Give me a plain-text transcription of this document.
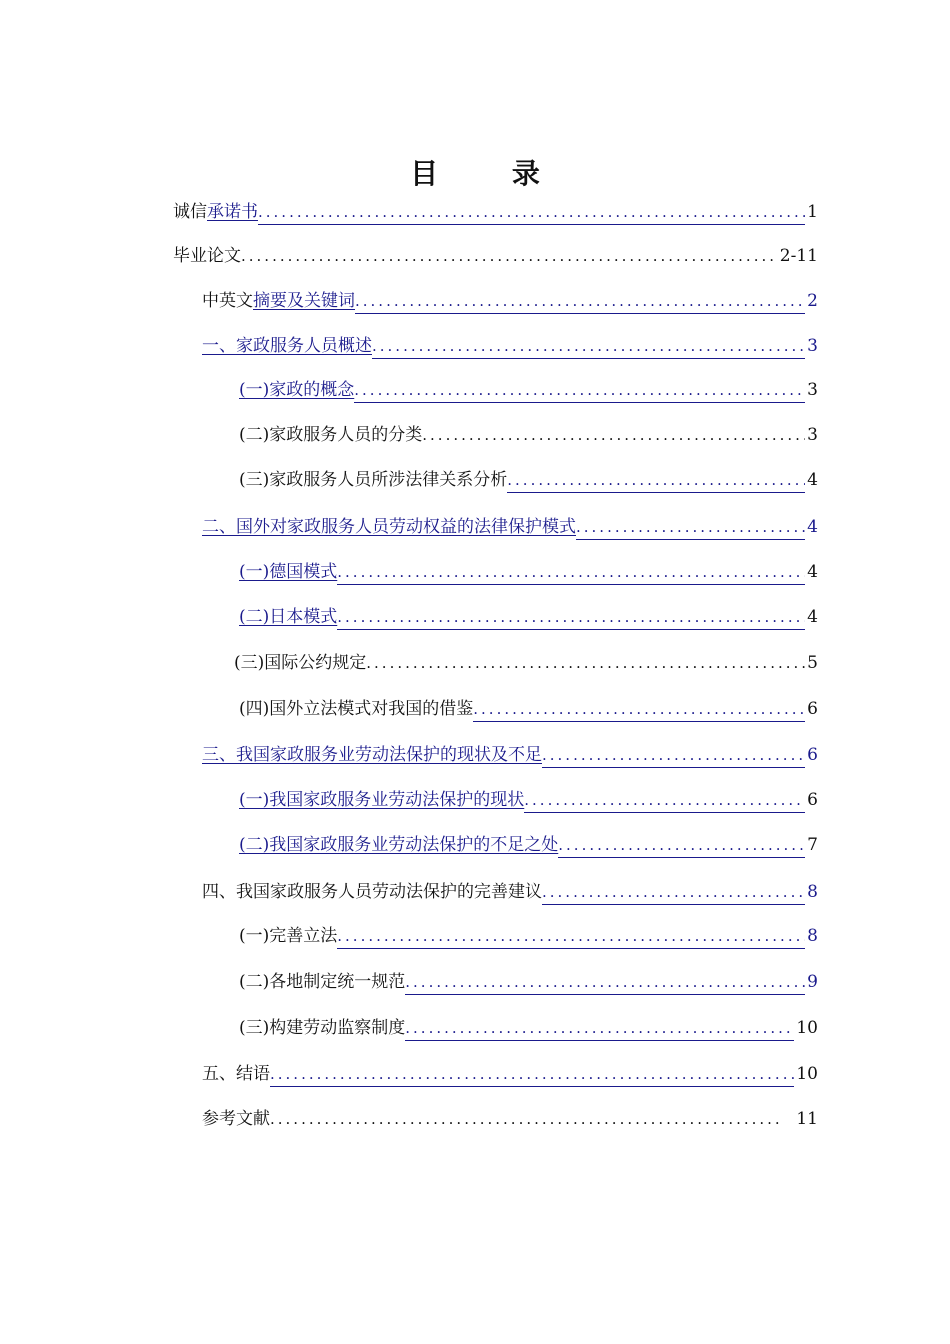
目 录
诚信 承诺书 .....	1
毕业论文 .....	2-11
中英文 摘要及关键词 .....	2
一、家政服务人员概述 .....	3
(一)家政的概念 .....	3
(二)家政服务人员的分类 .....	3
(三)家政服务人员所涉法律关系分析 .....	4
二、国外对家政服务人员劳动权益的法律保护模式 .....	4
(一)德国模式 .....	4
(二)日本模式 .....	4
(三)国际公约规定 .....	5
(四)国外立法模式对我国的借鉴 .....	6
三、我国家政服务业劳动法保护的现状及不足 .....	6
(一)我国家政服务业劳动法保护的现状 .....	6
(二)我国家政服务业劳动法保护的不足之处 .....	7
四、我国家政服务人员劳动法保护的完善建议 .....	8
(一)完善立法 .....	8
(二)各地制定统一规范 .....	9
(三)构建劳动监察制度 .....	10
五、结语 .....	10
参考文献 .....	11
